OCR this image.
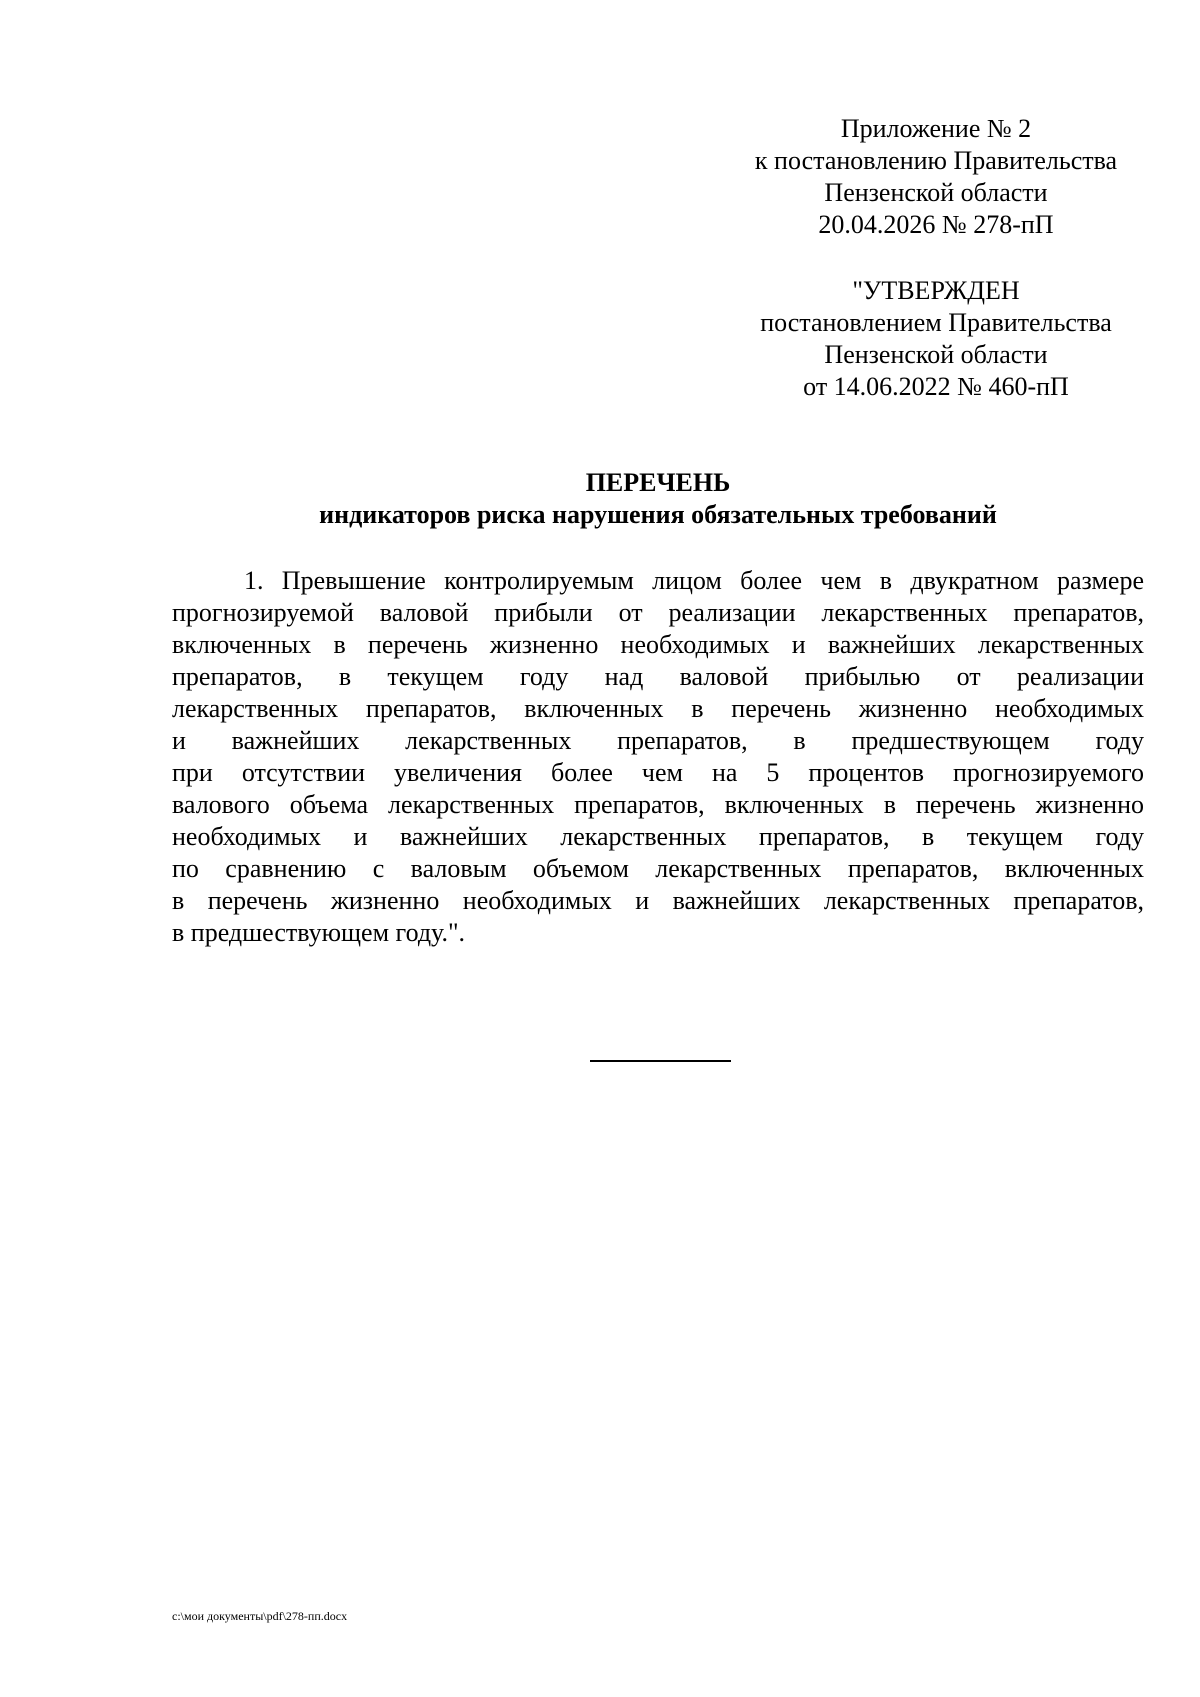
Приложение № 2
к постановлению Правительства
Пензенской области
20.04.2026 № 278-пП
"УТВЕРЖДЕН
постановлением Правительства
Пензенской области
от 14.06.2022 № 460-пП
ПЕРЕЧЕНЬ
индикаторов риска нарушения обязательных требований
1. Превышение контролируемым лицом более чем в двукратном размере
прогнозируемой валовой прибыли от реализации лекарственных препаратов,
включенных в перечень жизненно необходимых и важнейших лекарственных
препаратов, в текущем году над валовой прибылью от реализации
лекарственных препаратов, включенных в перечень жизненно необходимых
и важнейших лекарственных препаратов, в предшествующем году
при отсутствии увеличения более чем на 5 процентов прогнозируемого
валового объема лекарственных препаратов, включенных в перечень жизненно
необходимых и важнейших лекарственных препаратов, в текущем году
по сравнению с валовым объемом лекарственных препаратов, включенных
в перечень жизненно необходимых и важнейших лекарственных препаратов,
в предшествующем году.".
c:\мои документы\pdf\278-пп.docx
